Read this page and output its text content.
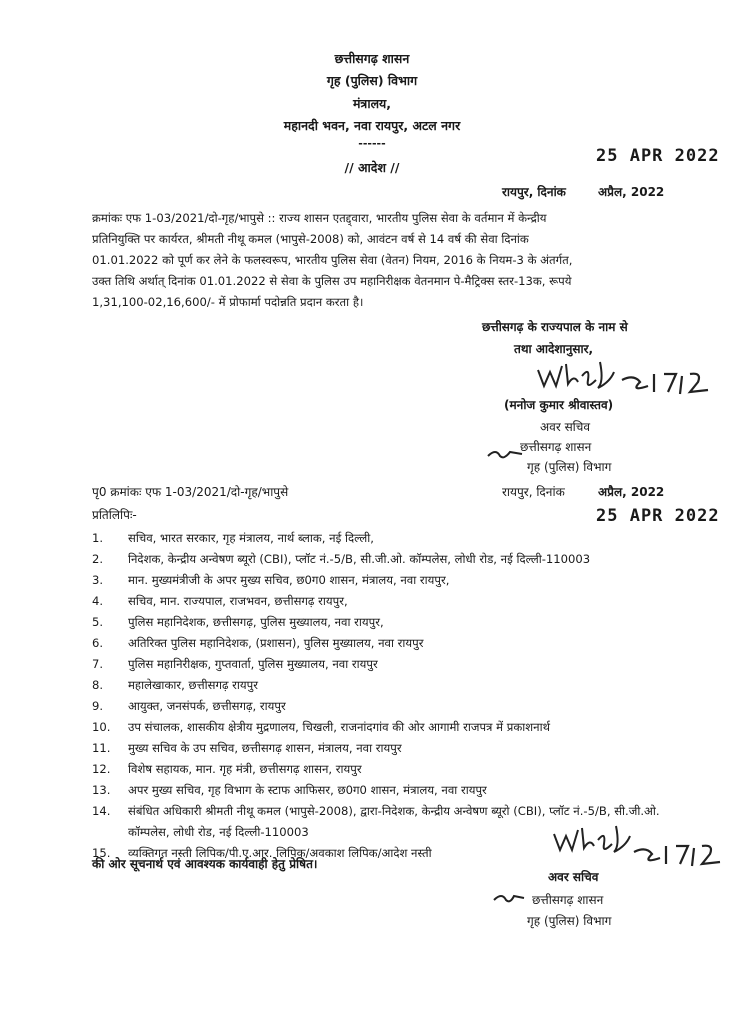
छत्तीसगढ़ शासन
गृह (पुलिस) विभाग
मंत्रालय,
महानदी भवन, नवा रायपुर, अटल नगर
------
// आदेश //
25 APR 2022
रायपुर, दिनांक	अप्रैल, 2022
क्रमांकः एफ 1-03/2021/दो-गृह/भापुसे :: राज्य शासन एतद्द्वारा, भारतीय पुलिस सेवा के वर्तमान में केन्द्रीय
प्रतिनियुक्ति पर कार्यरत, श्रीमती नीथू कमल (भापुसे-2008) को, आवंटन वर्ष से 14 वर्ष की सेवा दिनांक
01.01.2022 को पूर्ण कर लेने के फलस्वरूप, भारतीय पुलिस सेवा (वेतन) नियम, 2016 के नियम-3 के अंतर्गत,
उक्त तिथि अर्थात् दिनांक 01.01.2022 से सेवा के पुलिस उप महानिरीक्षक वेतनमान पे-मैट्रिक्स स्तर-13क, रूपये
1,31,100-02,16,600/- में प्रोफार्मा पदोन्नति प्रदान करता है।
छत्तीसगढ़ के राज्यपाल के नाम से
तथा आदेशानुसार,
(मनोज कुमार श्रीवास्तव)
अवर सचिव
छत्तीसगढ़ शासन
गृह (पुलिस) विभाग
पृ0 क्रमांकः एफ 1-03/2021/दो-गृह/भापुसे	रायपुर, दिनांक	अप्रैल, 2022
25 APR 2022
प्रतिलिपिः-
1.	सचिव, भारत सरकार, गृह मंत्रालय, नार्थ ब्लाक, नई दिल्ली,
2.	निदेशक, केन्द्रीय अन्वेषण ब्यूरो (CBI), प्लॉट नं.-5/B, सी.जी.ओ. कॉम्पलेस, लोधी रोड, नई दिल्ली-110003
3.	मान. मुख्यमंत्रीजी के अपर मुख्य सचिव, छ0ग0 शासन, मंत्रालय, नवा रायपुर,
4.	सचिव, मान. राज्यपाल, राजभवन, छत्तीसगढ़ रायपुर,
5.	पुलिस महानिदेशक, छत्तीसगढ़, पुलिस मुख्यालय, नवा रायपुर,
6.	अतिरिक्त पुलिस महानिदेशक, (प्रशासन), पुलिस मुख्यालय, नवा रायपुर
7.	पुलिस महानिरीक्षक, गुप्तवार्ता, पुलिस मुख्यालय, नवा रायपुर
8.	महालेखाकार, छत्तीसगढ़ रायपुर
9.	आयुक्त, जनसंपर्क, छत्तीसगढ़, रायपुर
10.	उप संचालक, शासकीय क्षेत्रीय मुद्रणालय, चिखली, राजनांदगांव की ओर आगामी राजपत्र में प्रकाशनार्थ
11.	मुख्य सचिव के उप सचिव, छत्तीसगढ़ शासन, मंत्रालय, नवा रायपुर
12.	विशेष सहायक, मान. गृह मंत्री, छत्तीसगढ़ शासन, रायपुर
13.	अपर मुख्य सचिव, गृह विभाग के स्टाफ आफिसर, छ0ग0 शासन, मंत्रालय, नवा रायपुर
14.	संबंधित अधिकारी श्रीमती नीथू कमल (भापुसे-2008), द्वारा-निदेशक, केन्द्रीय अन्वेषण ब्यूरो (CBI), प्लॉट नं.-5/B, सी.जी.ओ. कॉम्पलेस, लोधी रोड, नई दिल्ली-110003
15.	व्यक्तिगत नस्ती लिपिक/पी.ए.आर. लिपिक/अवकाश लिपिक/आदेश नस्ती
की ओर सूचनार्थ एवं आवश्यक कार्यवाही हेतु प्रेषित।
अवर सचिव
छत्तीसगढ़ शासन
गृह (पुलिस) विभाग
